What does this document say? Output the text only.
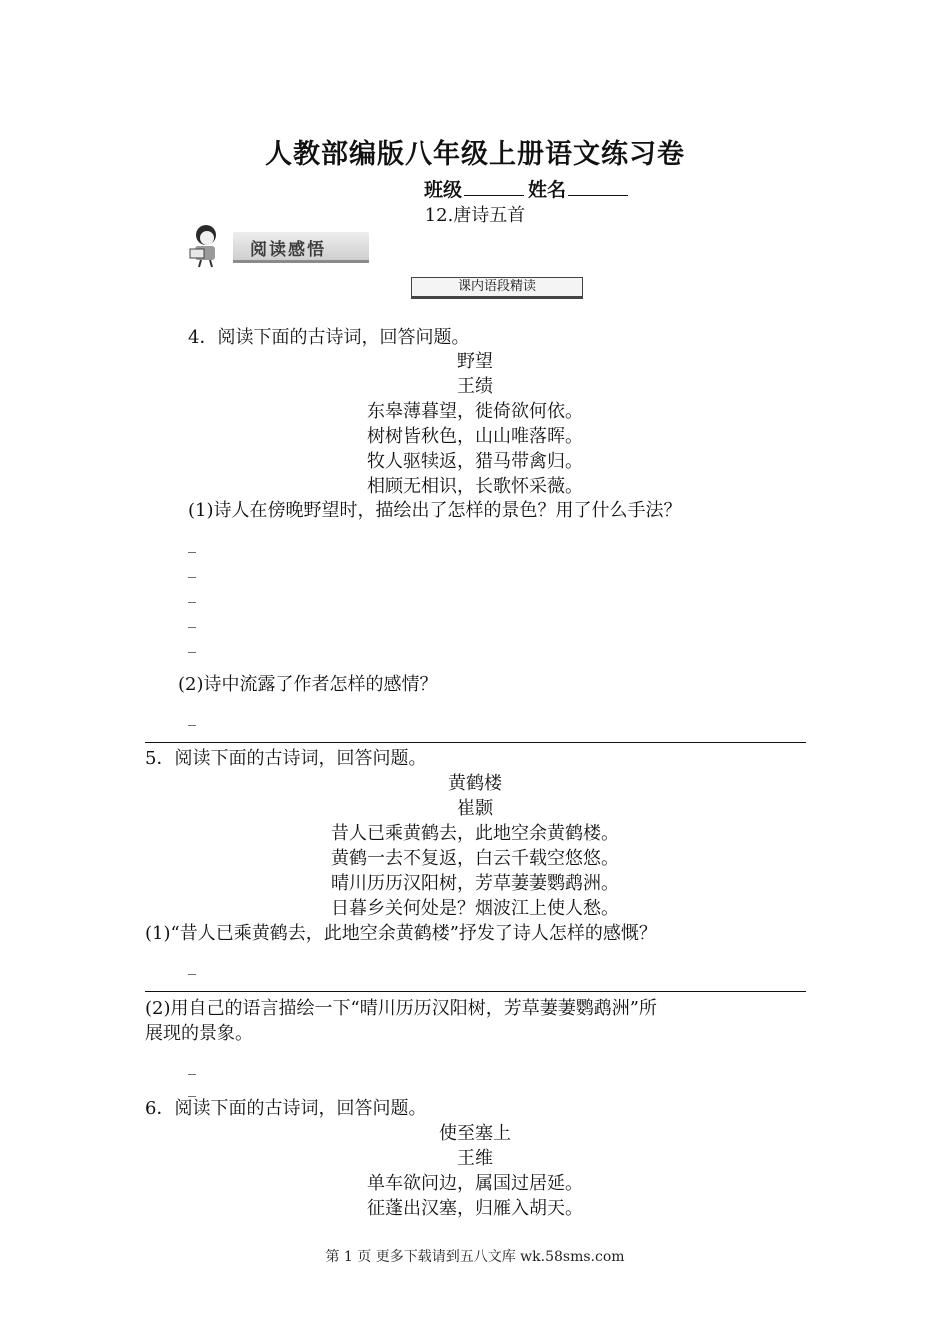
人教部编版八年级上册语文练习卷
班级	姓名
12.唐诗五首
阅读感悟
课内语段精读
4．阅读下面的古诗词，回答问题。
野望
王绩
东皋薄暮望，徙倚欲何依。
树树皆秋色，山山唯落晖。
牧人驱犊返，猎马带禽归。
相顾无相识，长歌怀采薇。
(1)诗人在傍晚野望时，描绘出了怎样的景色？用了什么手法？
_
_
_
_
_
(2)诗中流露了作者怎样的感情？
_
5．阅读下面的古诗词，回答问题。
黄鹤楼
崔颢
昔人已乘黄鹤去，此地空余黄鹤楼。
黄鹤一去不复返，白云千载空悠悠。
晴川历历汉阳树，芳草萋萋鹦鹉洲。
日暮乡关何处是？烟波江上使人愁。
(1)“昔人已乘黄鹤去，此地空余黄鹤楼”抒发了诗人怎样的感慨？
_
(2)用自己的语言描绘一下“晴川历历汉阳树，芳草萋萋鹦鹉洲”所
展现的景象。
_
_
6．阅读下面的古诗词，回答问题。
使至塞上
王维
单车欲问边，属国过居延。
征蓬出汉塞，归雁入胡天。
第 1 页 更多下载请到五八文库 wk.58sms.com
